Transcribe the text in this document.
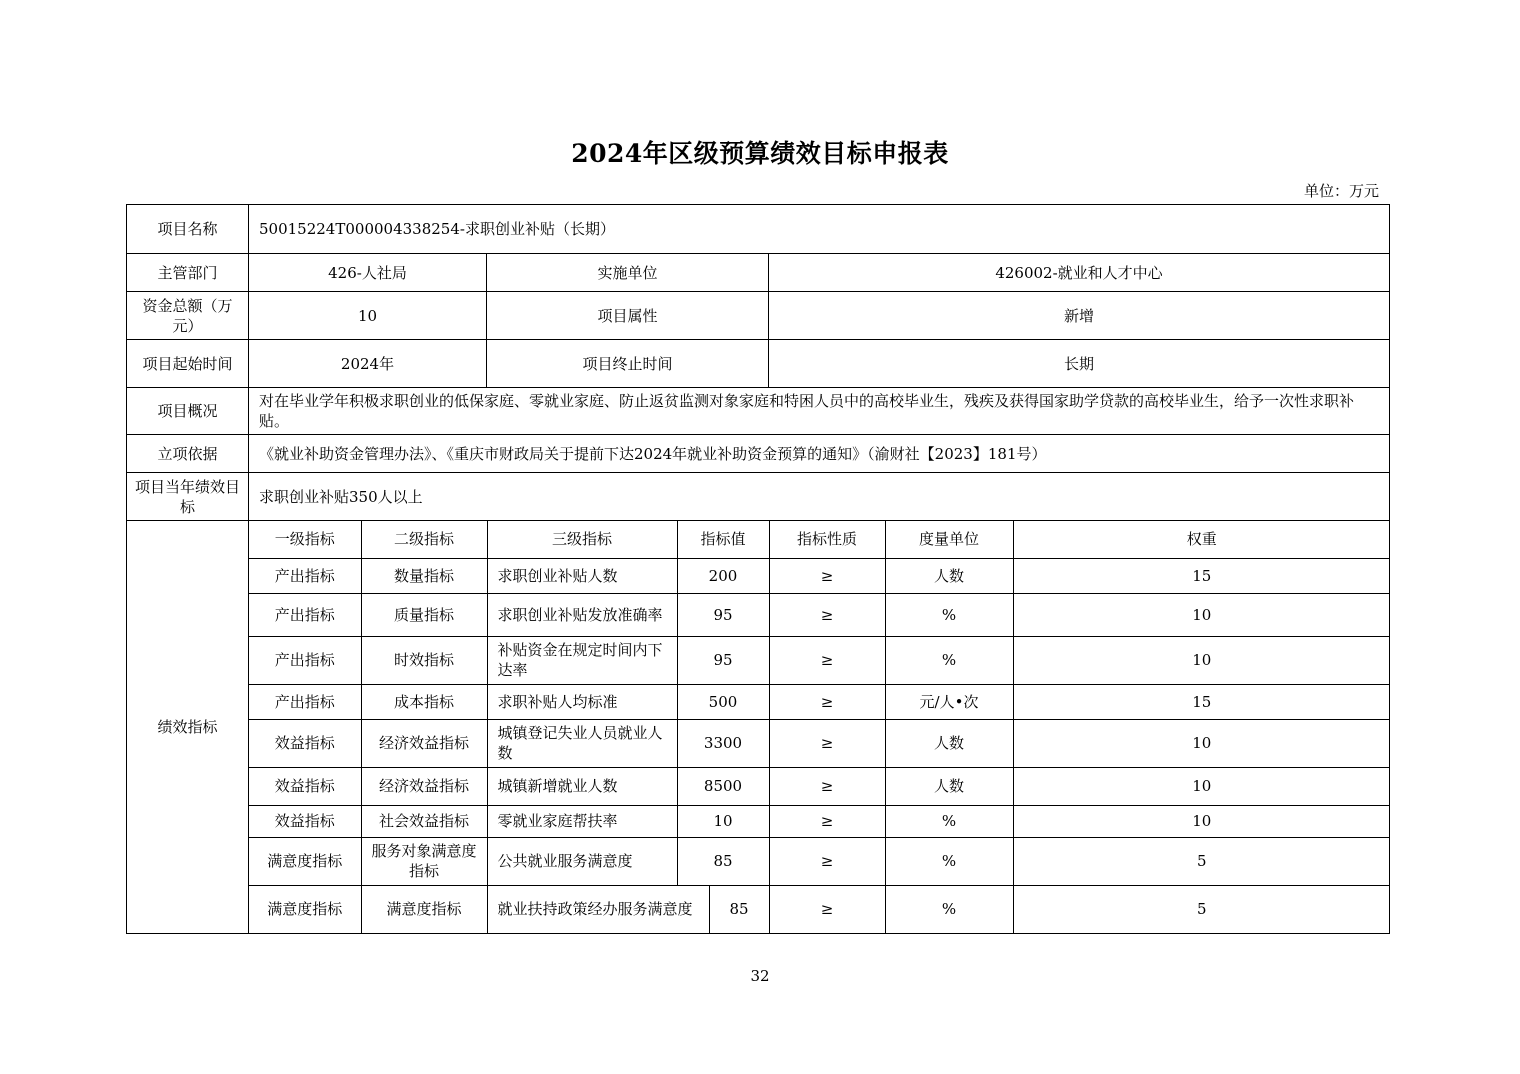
2024年区级预算绩效目标申报表
单位：万元
项目名称	50015224T000004338254-求职创业补贴（长期）
主管部门	426-人社局	实施单位	426002-就业和人才中心
资金总额（万元）	10	项目属性	新增
项目起始时间	2024年	项目终止时间	长期
项目概况	对在毕业学年积极求职创业的低保家庭、零就业家庭、防止返贫监测对象家庭和特困人员中的高校毕业生，残疾及获得国家助学贷款的高校毕业生，给予一次性求职补贴。
立项依据	《就业补助资金管理办法》、《重庆市财政局关于提前下达2024年就业补助资金预算的通知》（渝财社【2023】181号）
项目当年绩效目标	求职创业补贴350人以上
绩效指标	
一级指标	二级指标	三级指标	指标值	指标性质	度量单位	权重
产出指标	数量指标	求职创业补贴人数	200	≥	人数	15
产出指标	质量指标	求职创业补贴发放准确率	95	≥	%	10
产出指标	时效指标	补贴资金在规定时间内下达率	95	≥	%	10
产出指标	成本指标	求职补贴人均标准	500	≥	元/人•次	15
效益指标	经济效益指标	城镇登记失业人员就业人数	3300	≥	人数	10
效益指标	经济效益指标	城镇新增就业人数	8500	≥	人数	10
效益指标	社会效益指标	零就业家庭帮扶率	10	≥	%	10
满意度指标	服务对象满意度指标	公共就业服务满意度	85	≥	%	5
满意度指标	满意度指标	就业扶持政策经办服务满意度	85	≥	%	5
32
